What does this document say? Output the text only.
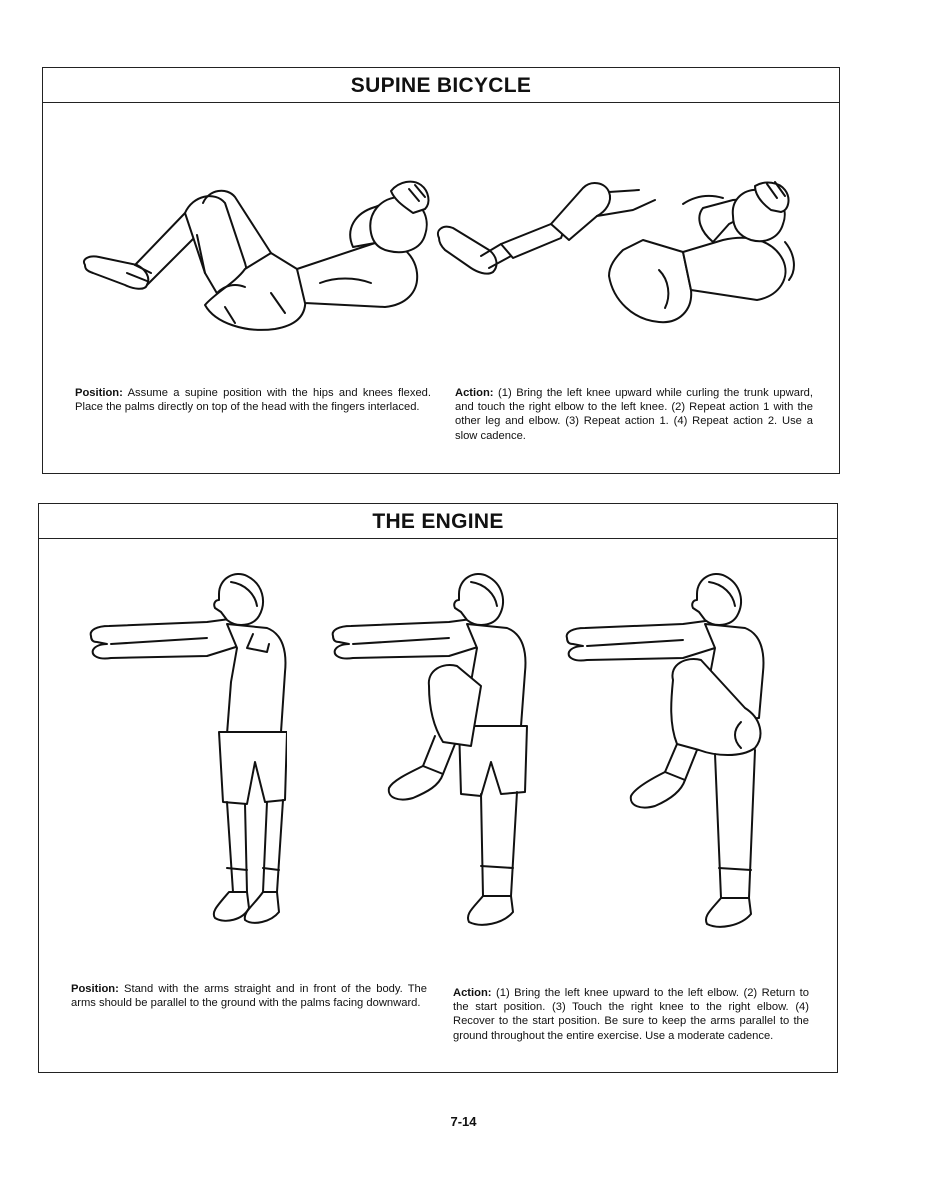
SUPINE BICYCLE
Position: Assume a supine position with the hips and knees flexed. Place the palms directly on top of the head with the fingers interlaced.
Action: (1) Bring the left knee upward while curling the trunk upward, and touch the right elbow to the left knee. (2) Repeat action 1 with the other leg and elbow. (3) Repeat action 1. (4) Repeat action 2. Use a slow cadence.
THE ENGINE
Position: Stand with the arms straight and in front of the body. The arms should be parallel to the ground with the palms facing downward.
Action: (1) Bring the left knee upward to the left elbow. (2) Return to the start position. (3) Touch the right knee to the right elbow. (4) Recover to the start position. Be sure to keep the arms parallel to the ground throughout the entire exercise. Use a moderate cadence.
7-14
